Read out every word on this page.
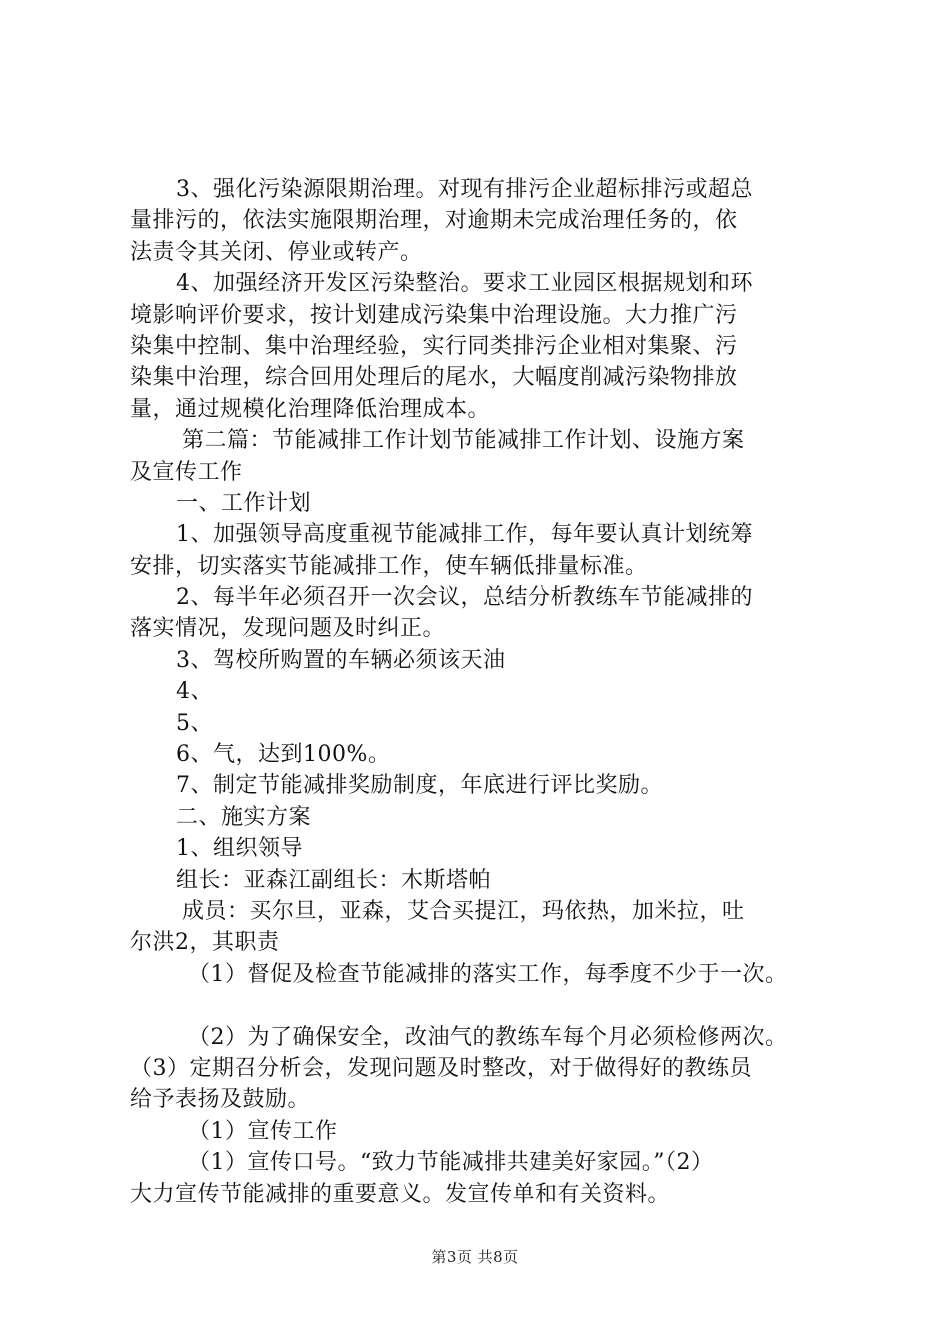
3、强化污染源限期治理。对现有排污企业超标排污或超总
量排污的，依法实施限期治理，对逾期未完成治理任务的，依
法责令其关闭、停业或转产。
4、加强经济开发区污染整治。要求工业园区根据规划和环
境影响评价要求，按计划建成污染集中治理设施。大力推广污
染集中控制、集中治理经验，实行同类排污企业相对集聚、污
染集中治理，综合回用处理后的尾水，大幅度削减污染物排放
量，通过规模化治理降低治理成本。
第二篇：节能减排工作计划节能减排工作计划、设施方案
及宣传工作
一、工作计划
1、加强领导高度重视节能减排工作，每年要认真计划统筹
安排，切实落实节能减排工作，使车辆低排量标准。
2、每半年必须召开一次会议，总结分析教练车节能减排的
落实情况，发现问题及时纠正。
3、驾校所购置的车辆必须该天油
4、
5、
6、气，达到100%。
7、制定节能减排奖励制度，年底进行评比奖励。
二、施实方案
1、组织领导
组长：亚森江副组长：木斯塔帕
成员：买尔旦，亚森，艾合买提江，玛依热，加米拉，吐
尔洪2，其职责
（1）督促及检查节能减排的落实工作，每季度不少于一次。
（2）为了确保安全，改油气的教练车每个月必须检修两次。
（3）定期召分析会，发现问题及时整改，对于做得好的教练员
给予表扬及鼓励。
（1）宣传工作
（1）宣传口号。“致力节能减排共建美好家园。”（2）
大力宣传节能减排的重要意义。发宣传单和有关资料。
第3页 共8页
